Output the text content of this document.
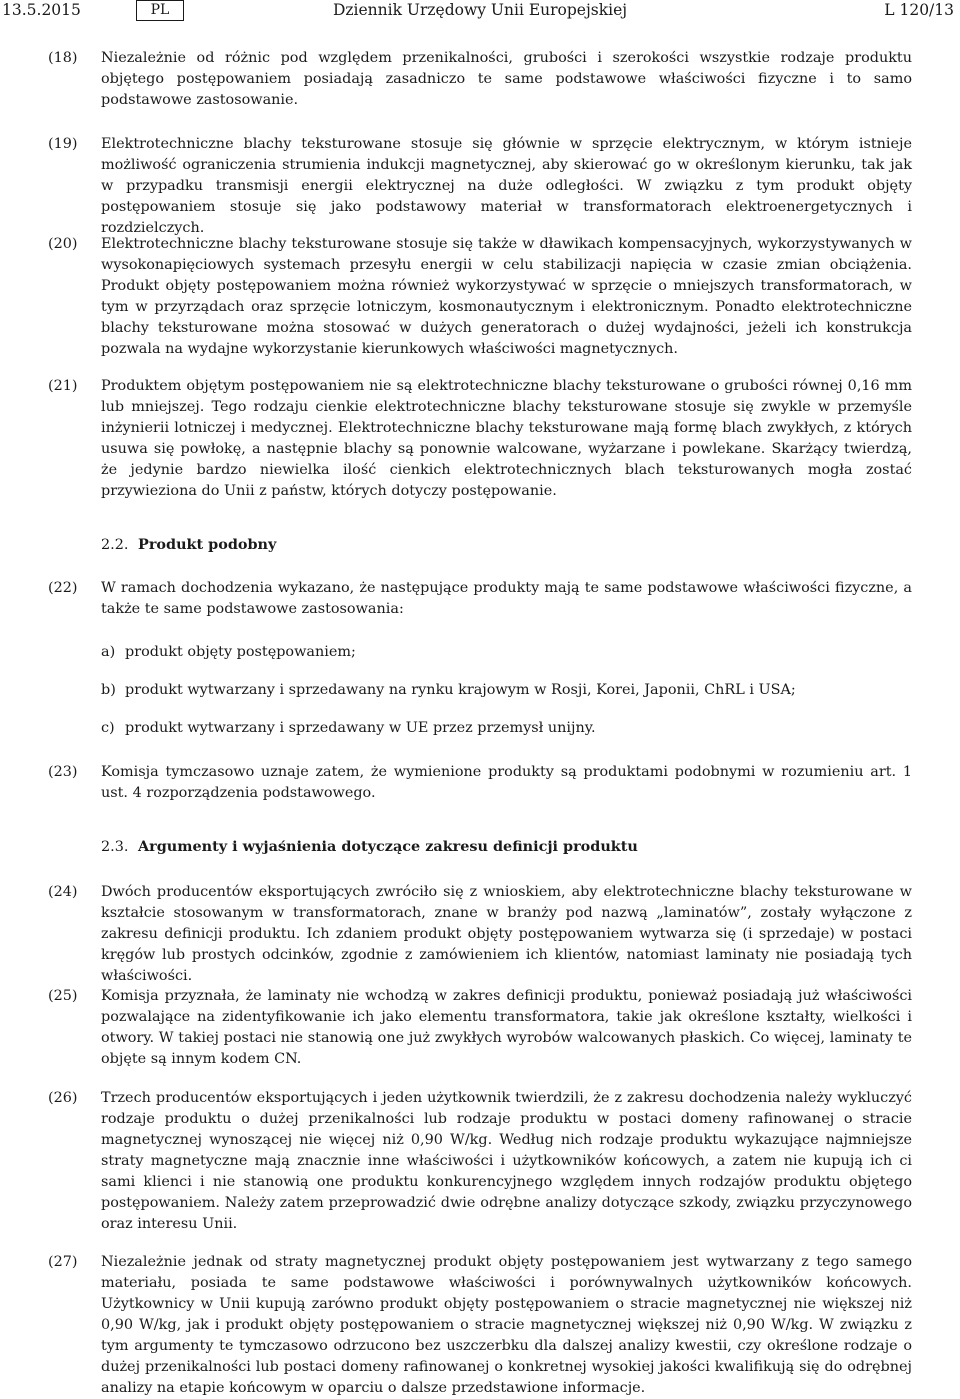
13.5.2015	PL	Dziennik Urzędowy Unii Europejskiej	L 120/13
(18)	Niezależnie od różnic pod względem przenikalności, grubości i szerokości wszystkie rodzaje produktu objętego postępowaniem posiadają zasadniczo te same podstawowe właściwości fizyczne i to samo podstawowe zastosowanie.
(19)	Elektrotechniczne blachy teksturowane stosuje się głównie w sprzęcie elektrycznym, w którym istnieje możliwość ograniczenia strumienia indukcji magnetycznej, aby skierować go w określonym kierunku, tak jak w przypadku transmisji energii elektrycznej na duże odległości. W związku z tym produkt objęty postępowaniem stosuje się jako podstawowy materiał w transformatorach elektroenergetycznych i rozdzielczych.
(20)	Elektrotechniczne blachy teksturowane stosuje się także w dławikach kompensacyjnych, wykorzystywanych w wysokonapięciowych systemach przesyłu energii w celu stabilizacji napięcia w czasie zmian obciążenia. Produkt objęty postępowaniem można również wykorzystywać w sprzęcie o mniejszych transformatorach, w tym w przyrządach oraz sprzęcie lotniczym, kosmonautycznym i elektronicznym. Ponadto elektrotechniczne blachy teksturowane można stosować w dużych generatorach o dużej wydajności, jeżeli ich konstrukcja pozwala na wydajne wykorzystanie kierunkowych właściwości magnetycznych.
(21)	Produktem objętym postępowaniem nie są elektrotechniczne blachy teksturowane o grubości równej 0,16 mm lub mniejszej. Tego rodzaju cienkie elektrotechniczne blachy teksturowane stosuje się zwykle w przemyśle inżynierii lotniczej i medycznej. Elektrotechniczne blachy teksturowane mają formę blach zwykłych, z których usuwa się powłokę, a następnie blachy są ponownie walcowane, wyżarzane i powlekane. Skarżący twierdzą, że jedynie bardzo niewielka ilość cienkich elektrotechnicznych blach teksturowanych mogła zostać przywieziona do Unii z państw, których dotyczy postępowanie.
2.2. Produkt podobny
(22)	W ramach dochodzenia wykazano, że następujące produkty mają te same podstawowe właściwości fizyczne, a także te same podstawowe zastosowania:
a) produkt objęty postępowaniem;
b) produkt wytwarzany i sprzedawany na rynku krajowym w Rosji, Korei, Japonii, ChRL i USA;
c) produkt wytwarzany i sprzedawany w UE przez przemysł unijny.
(23)	Komisja tymczasowo uznaje zatem, że wymienione produkty są produktami podobnymi w rozumieniu art. 1 ust. 4 rozporządzenia podstawowego.
2.3. Argumenty i wyjaśnienia dotyczące zakresu definicji produktu
(24)	Dwóch producentów eksportujących zwróciło się z wnioskiem, aby elektrotechniczne blachy teksturowane w kształcie stosowanym w transformatorach, znane w branży pod nazwą „laminatów”, zostały wyłączone z zakresu definicji produktu. Ich zdaniem produkt objęty postępowaniem wytwarza się (i sprzedaje) w postaci kręgów lub prostych odcinków, zgodnie z zamówieniem ich klientów, natomiast laminaty nie posiadają tych właściwości.
(25)	Komisja przyznała, że laminaty nie wchodzą w zakres definicji produktu, ponieważ posiadają już właściwości pozwalające na zidentyfikowanie ich jako elementu transformatora, takie jak określone kształty, wielkości i otwory. W takiej postaci nie stanowią one już zwykłych wyrobów walcowanych płaskich. Co więcej, laminaty te objęte są innym kodem CN.
(26)	Trzech producentów eksportujących i jeden użytkownik twierdzili, że z zakresu dochodzenia należy wykluczyć rodzaje produktu o dużej przenikalności lub rodzaje produktu w postaci domeny rafinowanej o stracie magnetycznej wynoszącej nie więcej niż 0,90 W/kg. Według nich rodzaje produktu wykazujące najmniejsze straty magnetyczne mają znacznie inne właściwości i użytkowników końcowych, a zatem nie kupują ich ci sami klienci i nie stanowią one produktu konkurencyjnego względem innych rodzajów produktu objętego postępowaniem. Należy zatem przeprowadzić dwie odrębne analizy dotyczące szkody, związku przyczynowego oraz interesu Unii.
(27)	Niezależnie jednak od straty magnetycznej produkt objęty postępowaniem jest wytwarzany z tego samego materiału, posiada te same podstawowe właściwości i porównywalnych użytkowników końcowych. Użytkownicy w Unii kupują zarówno produkt objęty postępowaniem o stracie magnetycznej nie większej niż 0,90 W/kg, jak i produkt objęty postępowaniem o stracie magnetycznej większej niż 0,90 W/kg. W związku z tym argumenty te tymczasowo odrzucono bez uszczerbku dla dalszej analizy kwestii, czy określone rodzaje o dużej przenikalności lub postaci domeny rafinowanej o konkretnej wysokiej jakości kwalifikują się do odrębnej analizy na etapie końcowym w oparciu o dalsze przedstawione informacje.
